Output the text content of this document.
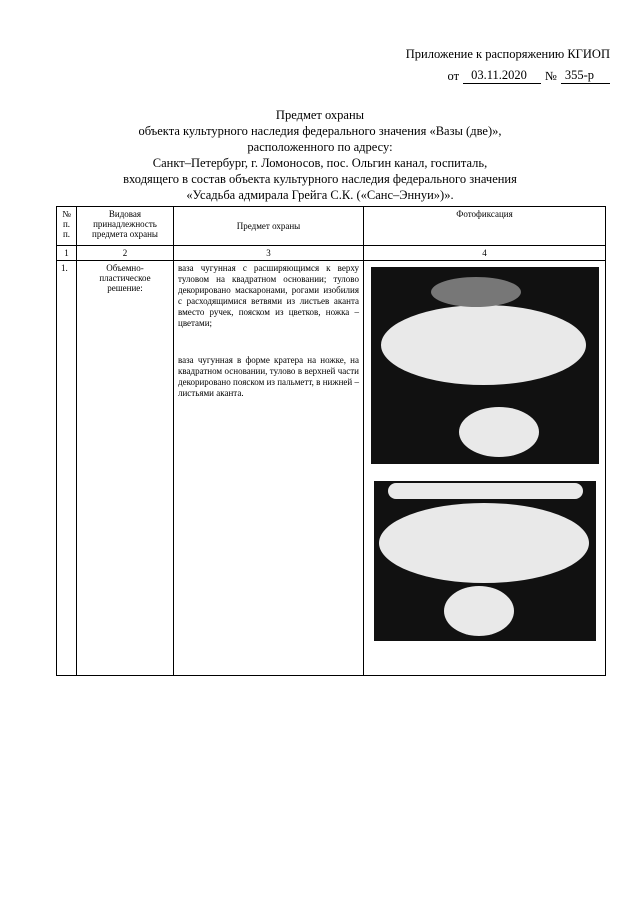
Приложение к распоряжению КГИОП
от 03.11.2020	№ 355-р
Предмет охраны
объекта культурного наследия федерального значения «Вазы (две)»,
расположенного по адресу:
Санкт–Петербург, г. Ломоносов, пос. Ольгин канал, госпиталь,
входящего в состав объекта культурного наследия федерального значения
«Усадьба адмирала Грейга С.К. («Санс–Эннуи»)».
№ п. п.	Видовая принадлежность предмета охраны	Предмет охраны	Фотофиксация
1	2	3	4
1.	Объемно-пластическое решение:	ваза чугунная с расширяющимся к верху туловом на квадратном основании; тулово декорировано маскаронами, рогами изобилия с расходящимися ветвями из листьев аканта вместо ручек, пояском из цветков, ножка – цветами;
ваза чугунная в форме кратера на ножке, на квадратном основании, тулово в верхней части декорировано пояском из пальметт, в нижней – листьями аканта.	
